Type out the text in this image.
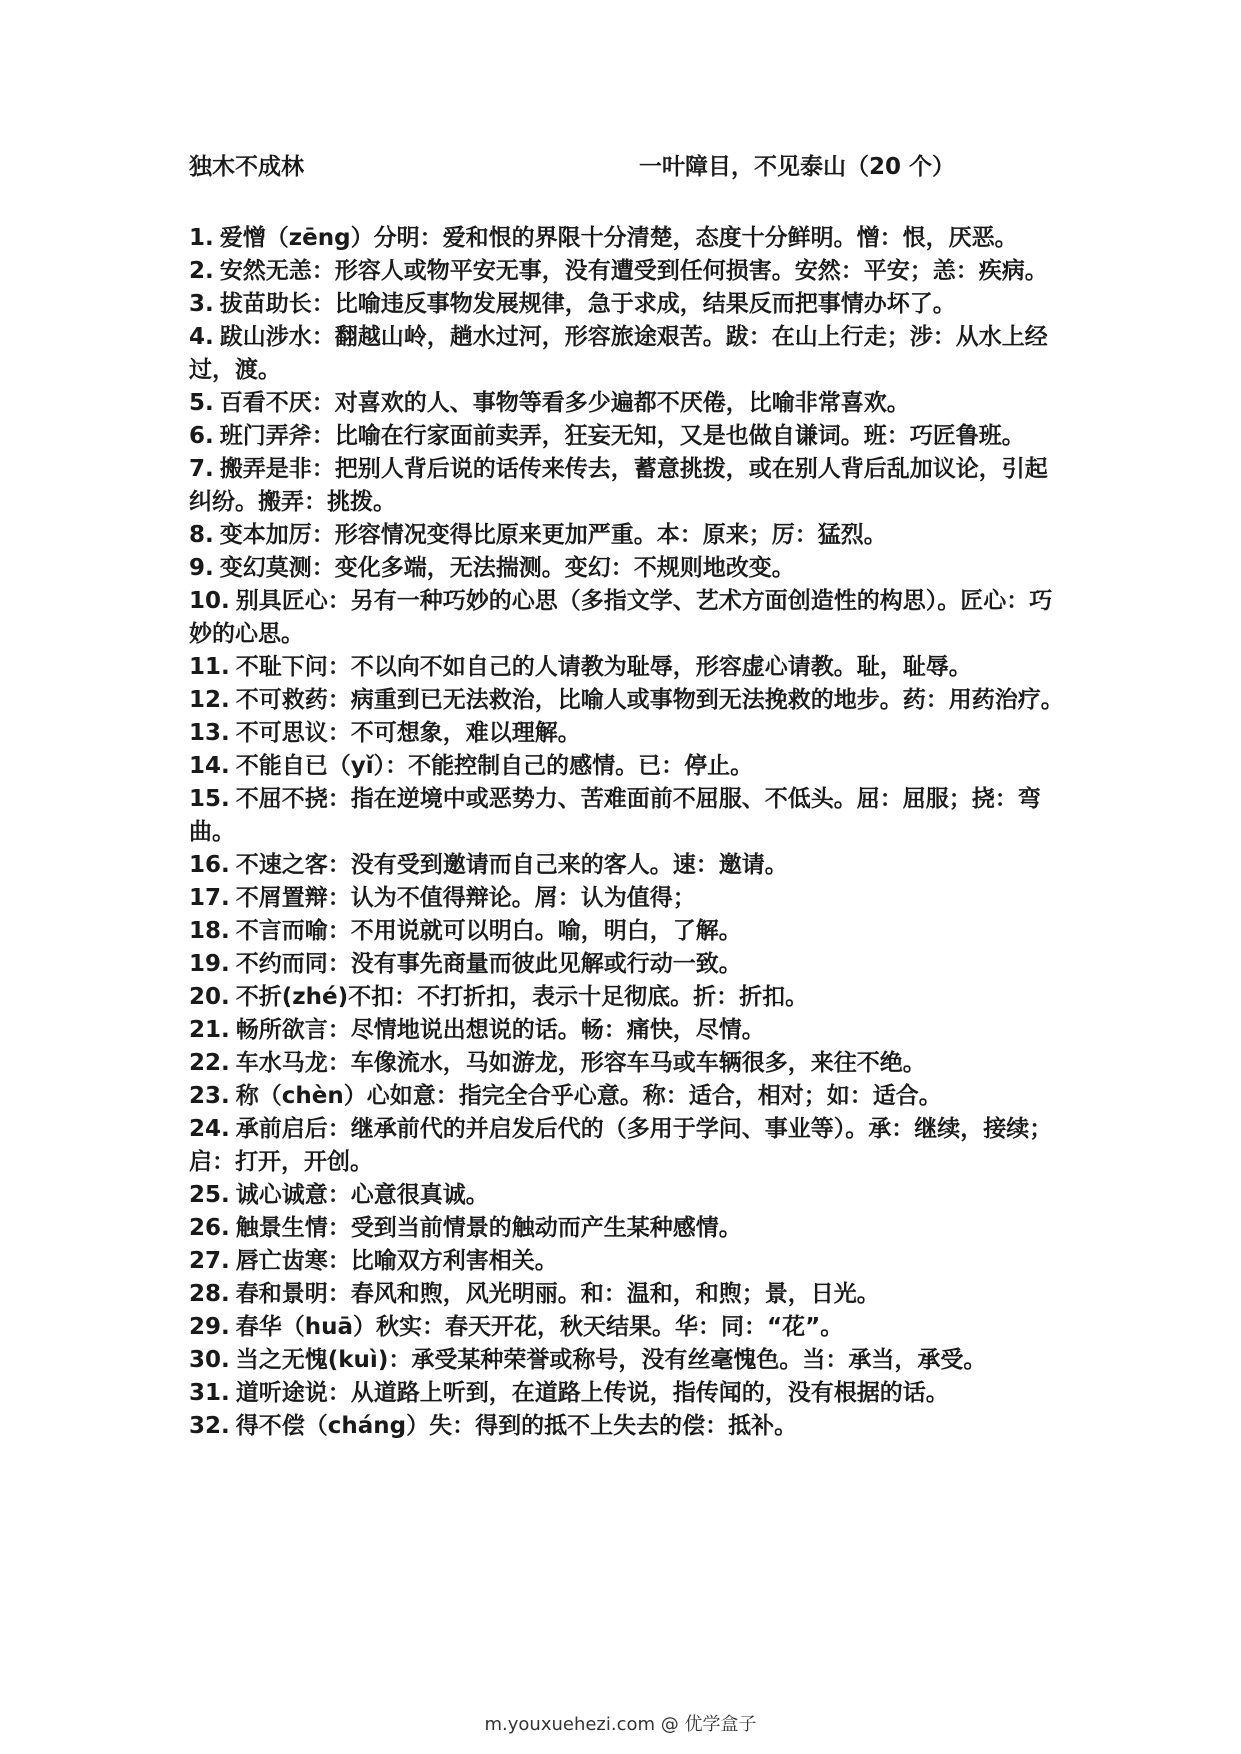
独木不成林	一叶障目，不见泰山（20 个）

1. 爱憎（zēng）分明：爱和恨的界限十分清楚，态度十分鲜明。憎：恨，厌恶。

2. 安然无恙：形容人或物平安无事，没有遭受到任何损害。安然：平安；恙：疾病。

3. 拔苗助长：比喻违反事物发展规律，急于求成，结果反而把事情办坏了。

4. 跋山涉水：翻越山岭，趟水过河，形容旅途艰苦。跋：在山上行走；涉：从水上经过，渡。

5. 百看不厌：对喜欢的人、事物等看多少遍都不厌倦，比喻非常喜欢。

6. 班门弄斧：比喻在行家面前卖弄，狂妄无知，又是也做自谦词。班：巧匠鲁班。

7. 搬弄是非：把别人背后说的话传来传去，蓄意挑拨，或在别人背后乱加议论，引起纠纷。搬弄：挑拨。

8. 变本加厉：形容情况变得比原来更加严重。本：原来；厉：猛烈。

9. 变幻莫测：变化多端，无法揣测。变幻：不规则地改变。

10. 别具匠心：另有一种巧妙的心思（多指文学、艺术方面创造性的构思）。匠心：巧妙的心思。

11. 不耻下问：不以向不如自己的人请教为耻辱，形容虚心请教。耻，耻辱。

12. 不可救药：病重到已无法救治，比喻人或事物到无法挽救的地步。药：用药治疗。

13. 不可思议：不可想象，难以理解。

14. 不能自已（yǐ）：不能控制自己的感情。已：停止。

15. 不屈不挠：指在逆境中或恶势力、苦难面前不屈服、不低头。屈：屈服；挠：弯曲。

16. 不速之客：没有受到邀请而自己来的客人。速：邀请。

17. 不屑置辩：认为不值得辩论。屑：认为值得；

18. 不言而喻：不用说就可以明白。喻，明白，了解。

19. 不约而同：没有事先商量而彼此见解或行动一致。

20. 不折(zhé)不扣：不打折扣，表示十足彻底。折：折扣。

21. 畅所欲言：尽情地说出想说的话。畅：痛快，尽情。

22. 车水马龙：车像流水，马如游龙，形容车马或车辆很多，来往不绝。

23. 称（chèn）心如意：指完全合乎心意。称：适合，相对；如：适合。

24. 承前启后：继承前代的并启发后代的（多用于学问、事业等）。承：继续，接续；启：打开，开创。

25. 诚心诚意：心意很真诚。

26. 触景生情：受到当前情景的触动而产生某种感情。

27. 唇亡齿寒：比喻双方利害相关。

28. 春和景明：春风和煦，风光明丽。和：温和，和煦；景，日光。

29. 春华（huā）秋实：春天开花，秋天结果。华：同：“花”。

30. 当之无愧(kuì)：承受某种荣誉或称号，没有丝毫愧色。当：承当，承受。

31. 道听途说：从道路上听到，在道路上传说，指传闻的，没有根据的话。

32. 得不偿（cháng）失：得到的抵不上失去的偿：抵补。

m.youxuehezi.com @ 优学盒子
